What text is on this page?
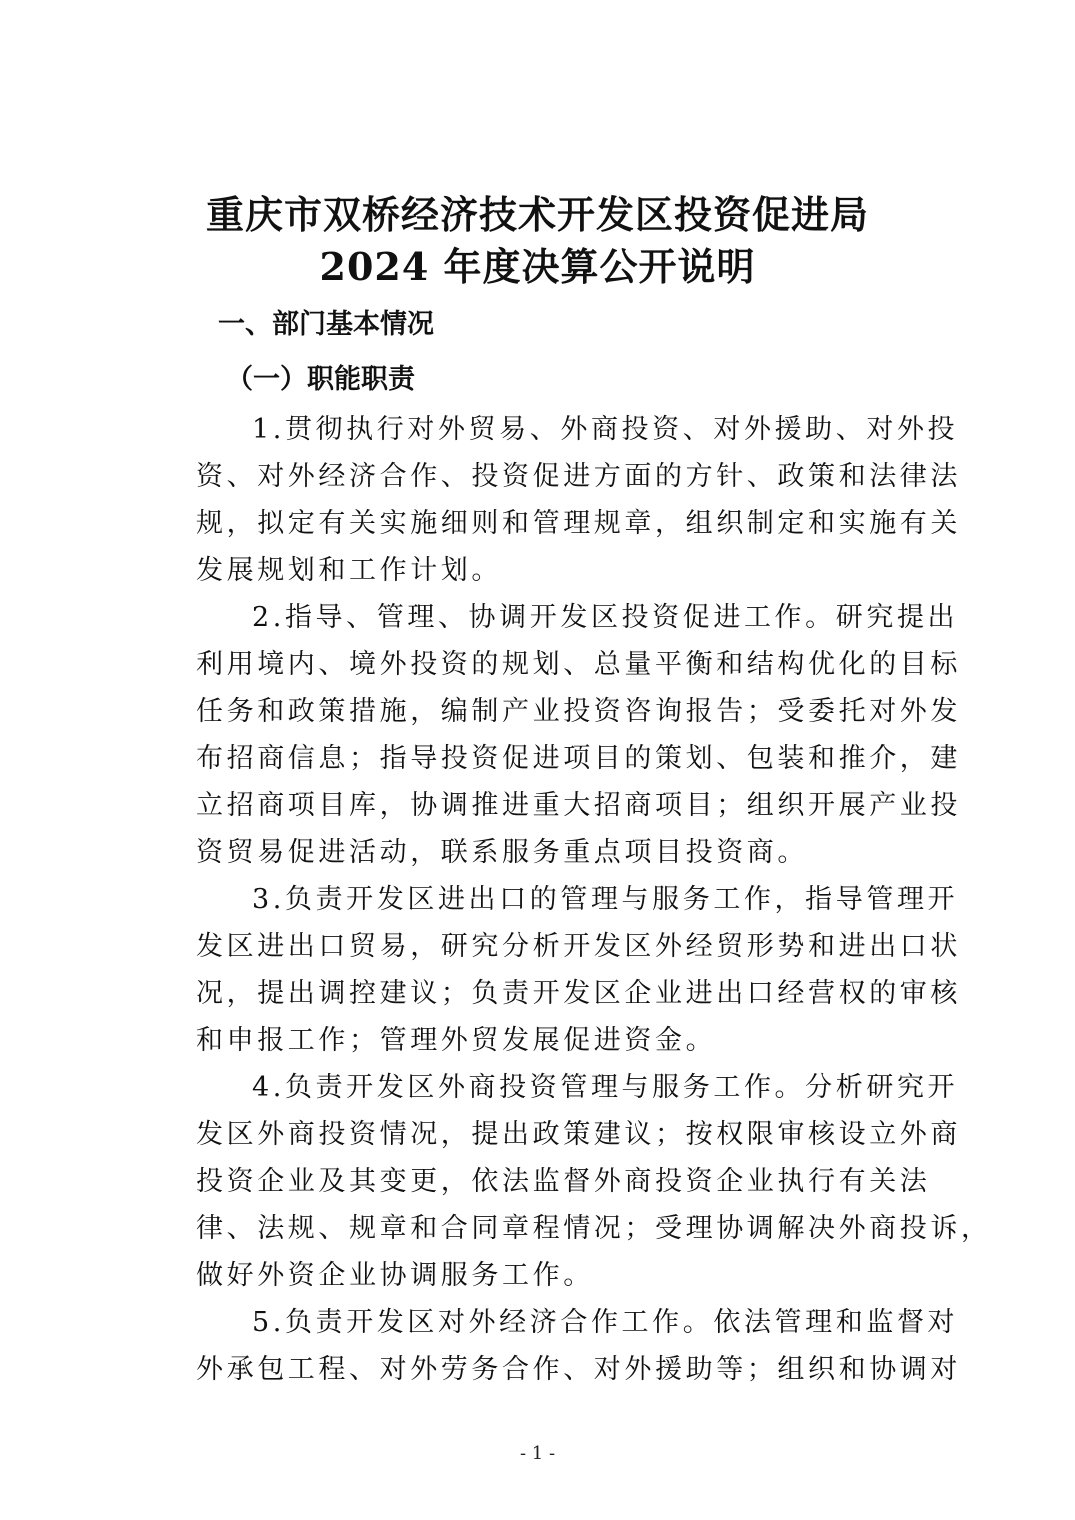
重庆市双桥经济技术开发区投资促进局
2024 年度决算公开说明
一、部门基本情况
（一）职能职责
1.贯彻执行对外贸易、外商投资、对外援助、对外投
资、对外经济合作、投资促进方面的方针、政策和法律法
规，拟定有关实施细则和管理规章，组织制定和实施有关
发展规划和工作计划。
2.指导、管理、协调开发区投资促进工作。研究提出
利用境内、境外投资的规划、总量平衡和结构优化的目标
任务和政策措施，编制产业投资咨询报告；受委托对外发
布招商信息；指导投资促进项目的策划、包装和推介，建
立招商项目库，协调推进重大招商项目；组织开展产业投
资贸易促进活动，联系服务重点项目投资商。
3.负责开发区进出口的管理与服务工作，指导管理开
发区进出口贸易，研究分析开发区外经贸形势和进出口状
况，提出调控建议；负责开发区企业进出口经营权的审核
和申报工作；管理外贸发展促进资金。
4.负责开发区外商投资管理与服务工作。分析研究开
发区外商投资情况，提出政策建议；按权限审核设立外商
投资企业及其变更，依法监督外商投资企业执行有关法
律、法规、规章和合同章程情况；受理协调解决外商投诉，
做好外资企业协调服务工作。
5.负责开发区对外经济合作工作。依法管理和监督对
外承包工程、对外劳务合作、对外援助等；组织和协调对
- 1 -
